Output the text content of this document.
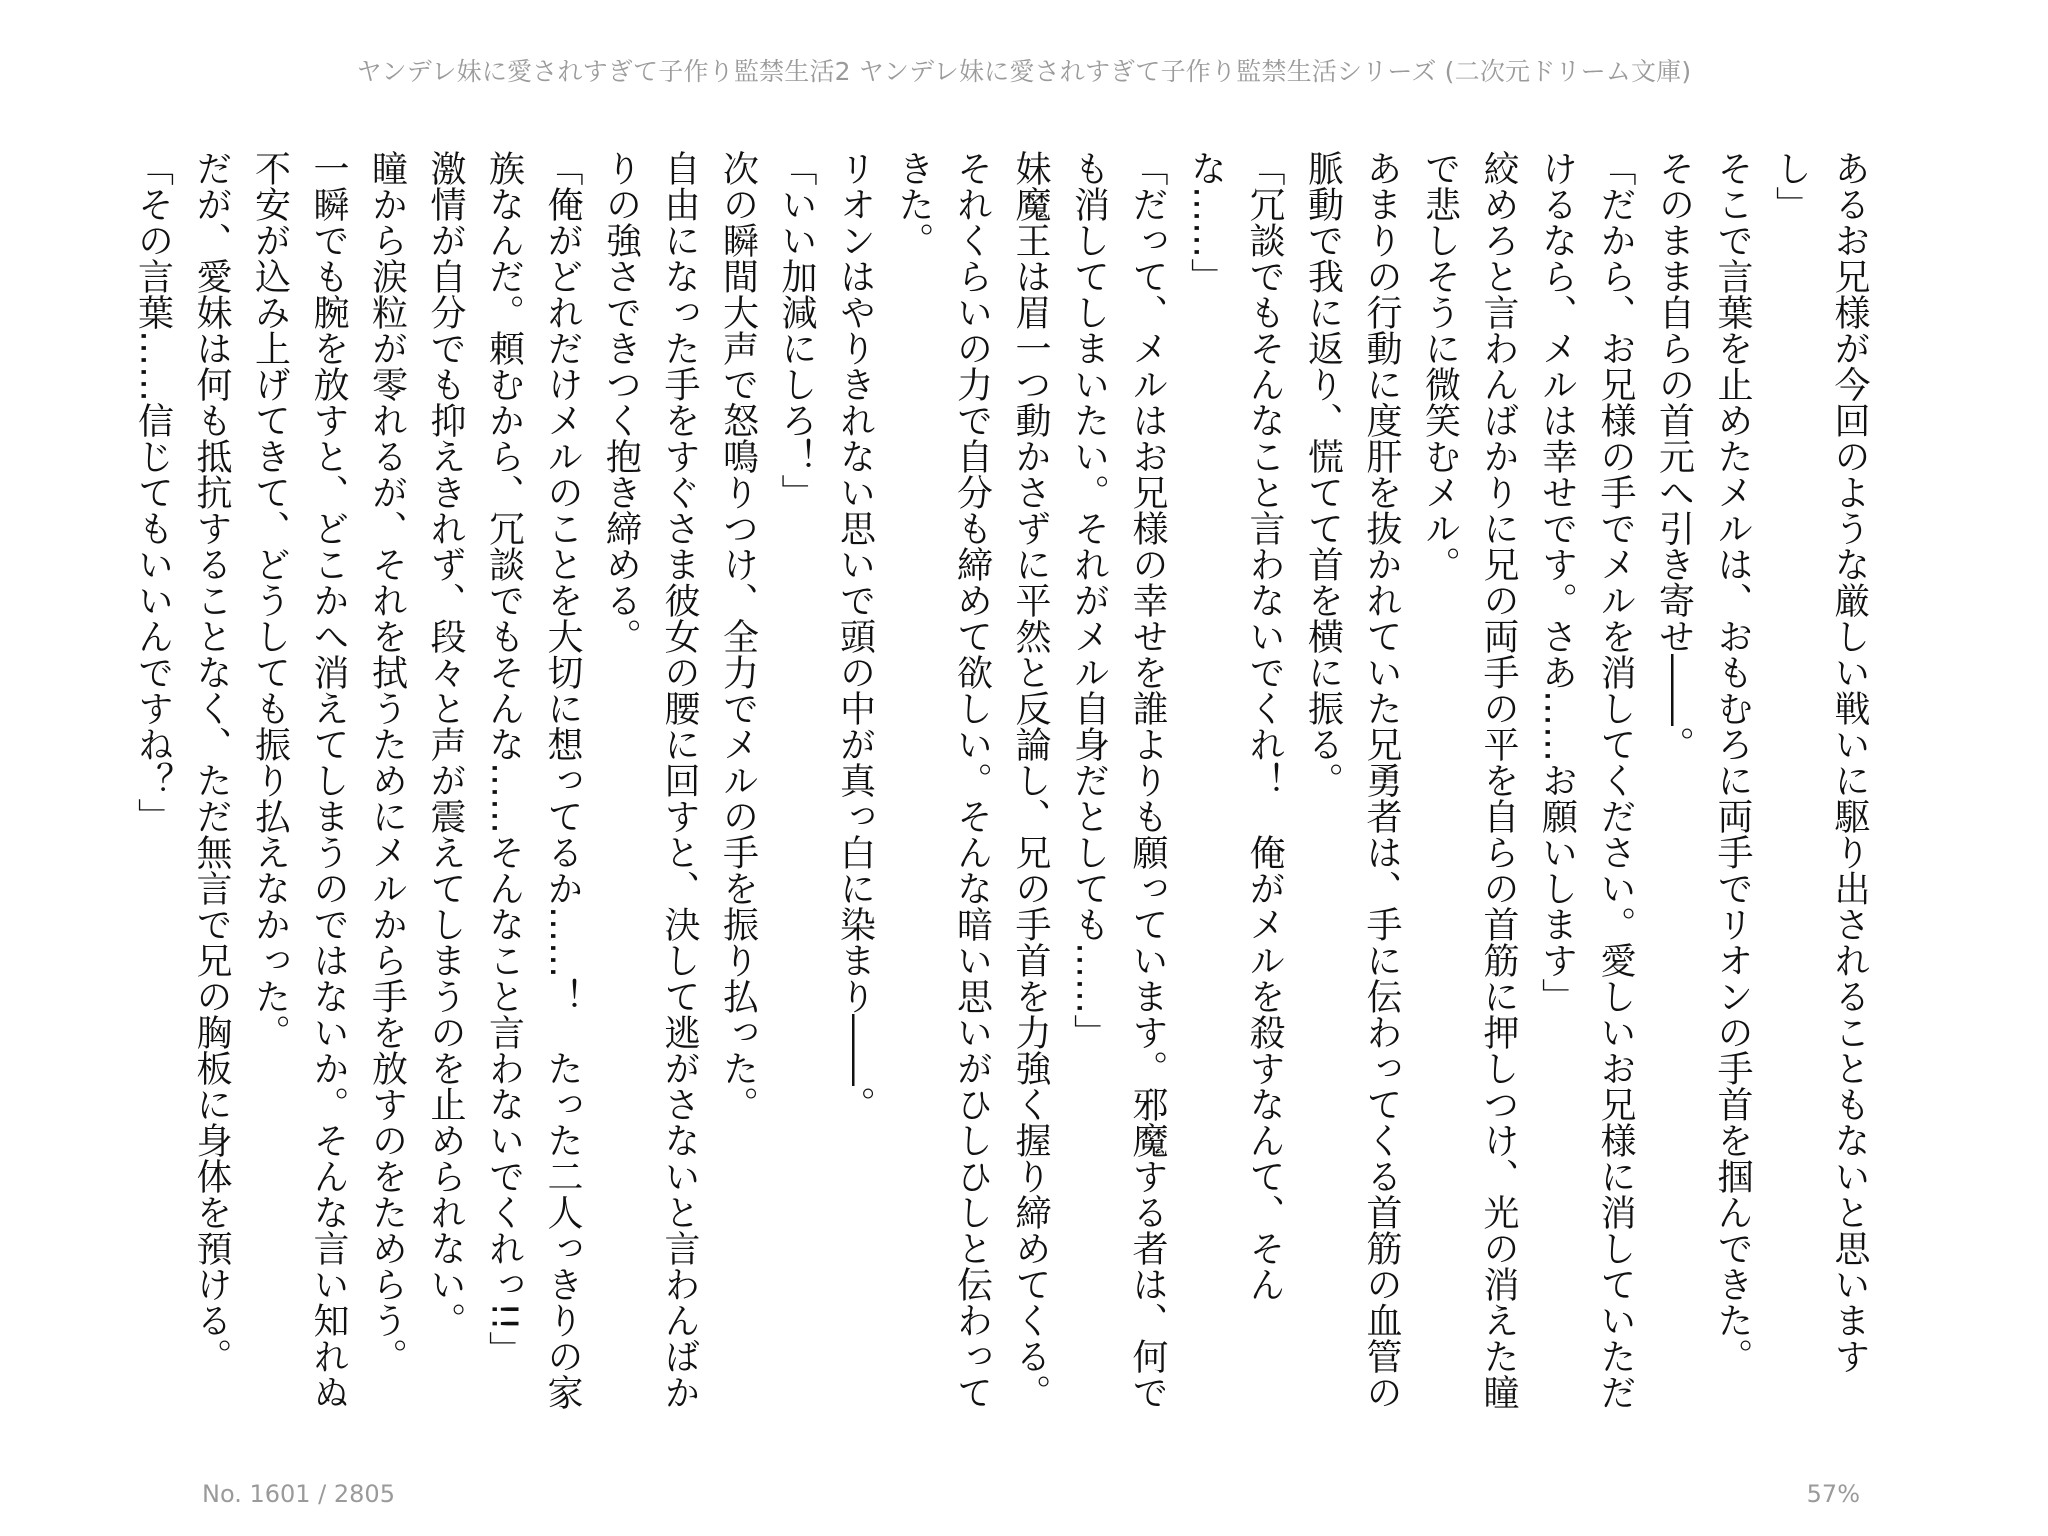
ヤンデレ妹に愛されすぎて子作り監禁生活2 ヤンデレ妹に愛されすぎて子作り監禁生活シリーズ (二次元ドリーム文庫)

あるお兄様が今回のような厳しい戦いに駆り出されることもないと思いますし」

そこで言葉を止めたメルは、おもむろに両手でリオンの手首を掴んできた。

そのまま自らの首元へ引き寄せ――。

「だから、お兄様の手でメルを消してください。愛しいお兄様に消していただけるなら、メルは幸せです。さあ……お願いします」

絞めろと言わんばかりに兄の両手の平を自らの首筋に押しつけ、光の消えた瞳で悲しそうに微笑むメル。

あまりの行動に度肝を抜かれていた兄勇者は、手に伝わってくる首筋の血管の脈動で我に返り、慌てて首を横に振る。

「冗談でもそんなこと言わないでくれ！　俺がメルを殺すなんて、そんな……」

「だって、メルはお兄様の幸せを誰よりも願っています。邪魔する者は、何でも消してしまいたい。それがメル自身だとしても……」

妹魔王は眉一つ動かさずに平然と反論し、兄の手首を力強く握り締めてくる。

それくらいの力で自分も締めて欲しい。そんな暗い思いがひしひしと伝わってきた。

リオンはやりきれない思いで頭の中が真っ白に染まり――。

「いい加減にしろ！」

次の瞬間大声で怒鳴りつけ、全力でメルの手を振り払った。

自由になった手をすぐさま彼女の腰に回すと、決して逃がさないと言わんばかりの強さできつく抱き締める。

「俺がどれだけメルのことを大切に想ってるか……！　たった二人っきりの家族なんだ。頼むから、冗談でもそんな……そんなこと言わないでくれっ!!」

激情が自分でも抑えきれず、段々と声が震えてしまうのを止められない。

瞳から涙粒が零れるが、それを拭うためにメルから手を放すのをためらう。

一瞬でも腕を放すと、どこかへ消えてしまうのではないか。そんな言い知れぬ不安が込み上げてきて、どうしても振り払えなかった。

だが、愛妹は何も抵抗することなく、ただ無言で兄の胸板に身体を預ける。

「その言葉……信じてもいいんですね？」

No. 1601 / 2805	57%
